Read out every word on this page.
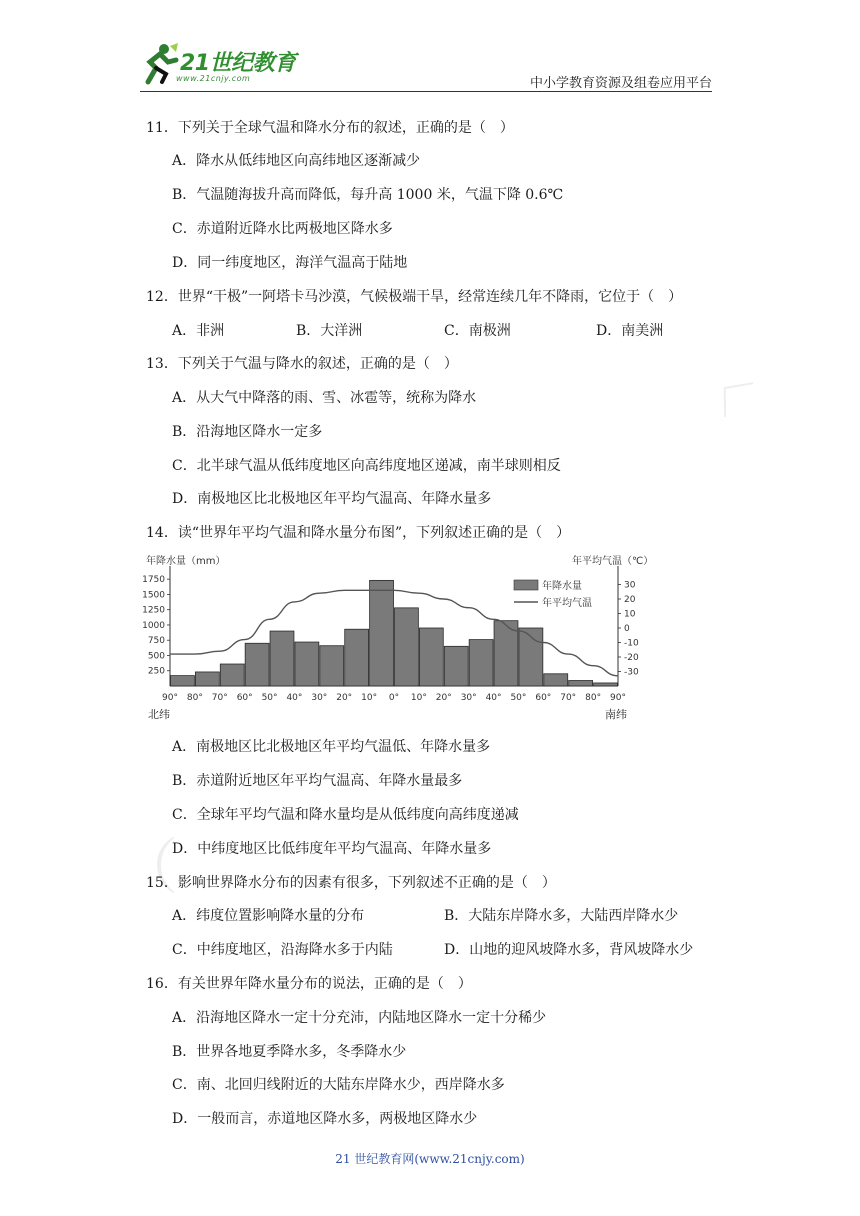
21世纪教育
www.21cnjy.com	中小学教育资源及组卷应用平台
〈
（
11．下列关于全球气温和降水分布的叙述，正确的是（　）
A．降水从低纬地区向高纬地区逐渐减少
B．气温随海拔升高而降低，每升高 1000 米，气温下降 0.6℃
C．赤道附近降水比两极地区降水多
D．同一纬度地区，海洋气温高于陆地
12．世界“干极”一阿塔卡马沙漠，气候极端干旱，经常连续几年不降雨，它位于（　）
A．非洲	B．大洋洲	C．南极洲	D．南美洲
13．下列关于气温与降水的叙述，正确的是（　）
A．从大气中降落的雨、雪、冰雹等，统称为降水
B．沿海地区降水一定多
C．北半球气温从低纬度地区向高纬度地区递减，南半球则相反
D．南极地区比北极地区年平均气温高、年降水量多
14．读“世界年平均气温和降水量分布图”，下列叙述正确的是（　）
年降水量（mm）	年平均气温（℃）
北纬	南纬
250
500
750
1000
1250
1500
1750
30
20
10
0
-10
-20
-30
90° 80° 70° 60° 50° 40° 30° 20° 10° 0° 10° 20° 30° 40° 50° 60° 70° 80° 90°
年降水量
年平均气温
A．南极地区比北极地区年平均气温低、年降水量多
B．赤道附近地区年平均气温高、年降水量最多
C．全球年平均气温和降水量均是从低纬度向高纬度递减
D．中纬度地区比低纬度年平均气温高、年降水量多
15．影响世界降水分布的因素有很多，下列叙述不正确的是（　）
A．纬度位置影响降水量的分布	B．大陆东岸降水多，大陆西岸降水少
C．中纬度地区，沿海降水多于内陆	D．山地的迎风坡降水多，背风坡降水少
16．有关世界年降水量分布的说法，正确的是（　）
A．沿海地区降水一定十分充沛，内陆地区降水一定十分稀少
B．世界各地夏季降水多，冬季降水少
C．南、北回归线附近的大陆东岸降水少，西岸降水多
D．一般而言，赤道地区降水多，两极地区降水少
21 世纪教育网(www.21cnjy.com)
